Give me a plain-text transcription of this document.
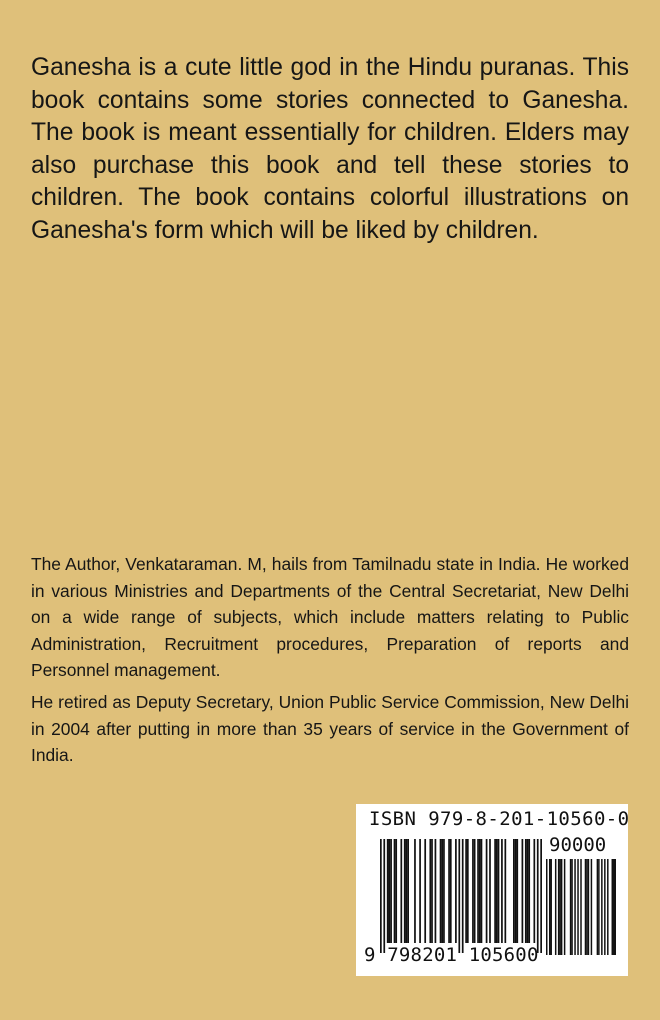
Ganesha is a cute little god in the Hindu puranas. This book contains some stories connected to Ganesha. The book is meant essentially for children. Elders may also purchase this book and tell these stories to children. The book contains colorful illustrations on Ganesha's form which will be liked by children.

The Author, Venkataraman. M, hails from Tamilnadu state in India. He worked in various Ministries and Departments of the Central Secretariat, New Delhi on a wide range of subjects, which include matters relating to Public Administration, Recruitment procedures, Preparation of reports and Personnel management.

He retired as Deputy Secretary, Union Public Service Commission, New Delhi in 2004 after putting in more than 35 years of service in the Government of India.

ISBN 979-8-201-10560-0
90000
9 798201 105600
